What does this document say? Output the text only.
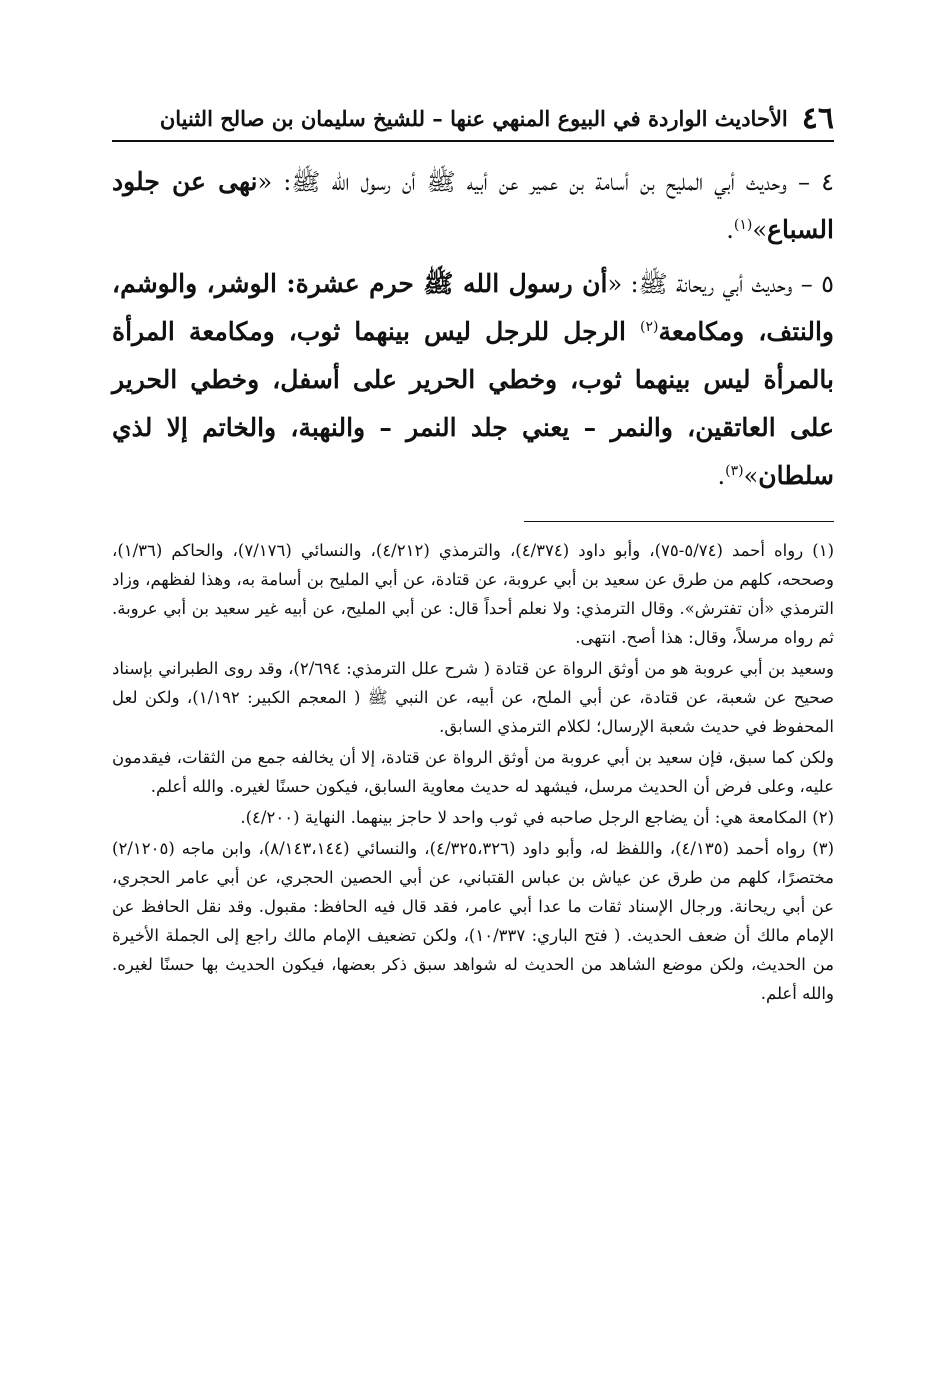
٤٦
الأحاديث الواردة في البيوع المنهي عنها – للشيخ سليمان بن صالح الثنيان

٤ – وحديث أبي المليح بن أسامة بن عمير عن أبيه ﷺ أن رسول الله ﷺ: «نهى عن جلود السباع»$^{(١)}$.

٥ – وحديث أبي ريحانة ﷺ: «أن رسول الله ﷺ حرم عشرة: الوشر، والوشم، والنتف، ومكامعة$^{(٢)}$ الرجل للرجل ليس بينهما ثوب، ومكامعة المرأة بالمرأة ليس بينهما ثوب، وخطي الحرير على أسفل، وخطي الحرير على العاتقين، والنمر – يعني جلد النمر – والنهبة، والخاتم إلا لذي سلطان»$^{(٣)}$.

(١) رواه أحمد (٥/٧٤-٧٥)، وأبو داود (٤/٣٧٤)، والترمذي (٤/٢١٢)، والنسائي (٧/١٧٦)، والحاكم (١/٣٦)، وصححه، كلهم من طرق عن سعيد بن أبي عروبة، عن قتادة، عن أبي المليح بن أسامة به، وهذا لفظهم، وزاد الترمذي «أن تفترش». وقال الترمذي: ولا نعلم أحداً قال: عن أبي المليح، عن أبيه غير سعيد بن أبي عروبة. ثم رواه مرسلاً، وقال: هذا أصح. انتهى.

وسعيد بن أبي عروبة هو من أوثق الرواة عن قتادة ( شرح علل الترمذي: ٢/٦٩٤)، وقد روى الطبراني بإسناد صحيح عن شعبة، عن قتادة، عن أبي الملح، عن أبيه، عن النبي ﷺ ( المعجم الكبير: ١/١٩٢)، ولكن لعل المحفوظ في حديث شعبة الإرسال؛ لكلام الترمذي السابق.

ولكن كما سبق، فإن سعيد بن أبي عروبة من أوثق الرواة عن قتادة، إلا أن يخالفه جمع من الثقات، فيقدمون عليه، وعلى فرض أن الحديث مرسل، فيشهد له حديث معاوية السابق، فيكون حسنًا لغيره. والله أعلم.

(٢) المكامعة هي: أن يضاجع الرجل صاحبه في ثوب واحد لا حاجز بينهما. النهاية (٤/٢٠٠).

(٣) رواه أحمد (٤/١٣٥)، واللفظ له، وأبو داود (٤/٣٢٥،٣٢٦)، والنسائي (٨/١٤٣،١٤٤)، وابن ماجه (٢/١٢٠٥) مختصرًا، كلهم من طرق عن عياش بن عباس القتباني، عن أبي الحصين الحجري، عن أبي عامر الحجري، عن أبي ريحانة. ورجال الإسناد ثقات ما عدا أبي عامر، فقد قال فيه الحافظ: مقبول. وقد نقل الحافظ عن الإمام مالك أن ضعف الحديث. ( فتح الباري: ١٠/٣٣٧)، ولكن تضعيف الإمام مالك راجع إلى الجملة الأخيرة من الحديث، ولكن موضع الشاهد من الحديث له شواهد سبق ذكر بعضها، فيكون الحديث بها حسنًا لغيره. والله أعلم.
